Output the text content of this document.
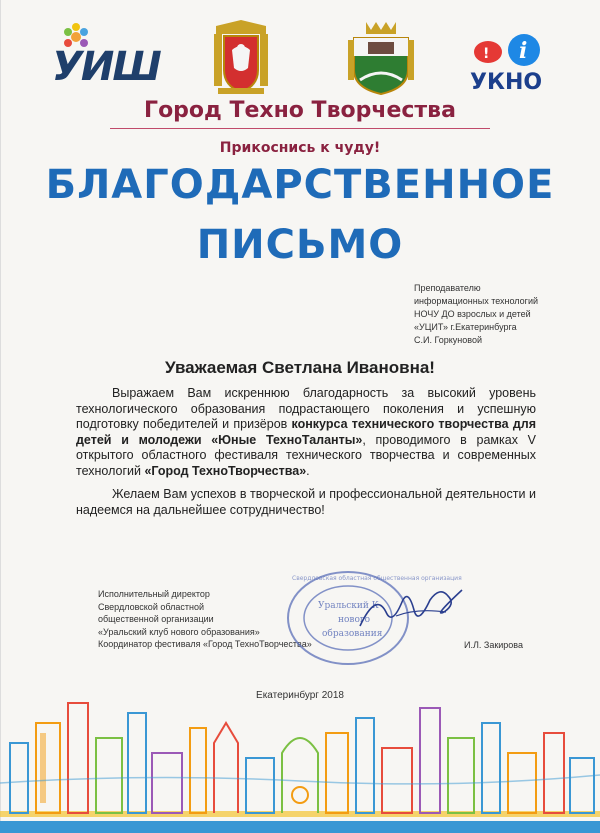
УИШ	! i
УКНО
Город Техно Творчества
Прикоснись к чуду!
БЛАГОДАРСТВЕННОЕ
ПИСЬМО
Преподавателю
информационных технологий
НОЧУ ДО взрослых и детей
«УЦИТ» г.Екатеринбурга
С.И. Горкуновой
Уважаемая Светлана Ивановна!

Выражаем Вам искреннюю благодарность за высокий уровень технологического образования подрастающего поколения и успешную подготовку победителей и призёров конкурса технического творчества для детей и молодежи «Юные ТехноТаланты», проводимого в рамках V открытого областного фестиваля технического творчества и современных технологий «Город ТехноТворчества».

Желаем Вам успехов в творческой и профессиональной деятельности и надеемся на дальнейшее сотрудничество!

Исполнительный директор
Свердловской областной
общественной организации
«Уральский клуб нового образования»
Координатор фестиваля «Город ТехноТворчества»
Уральский К
нового
образования
Свердловская областная общественная организация
И.Л. Закирова
Екатеринбург 2018
